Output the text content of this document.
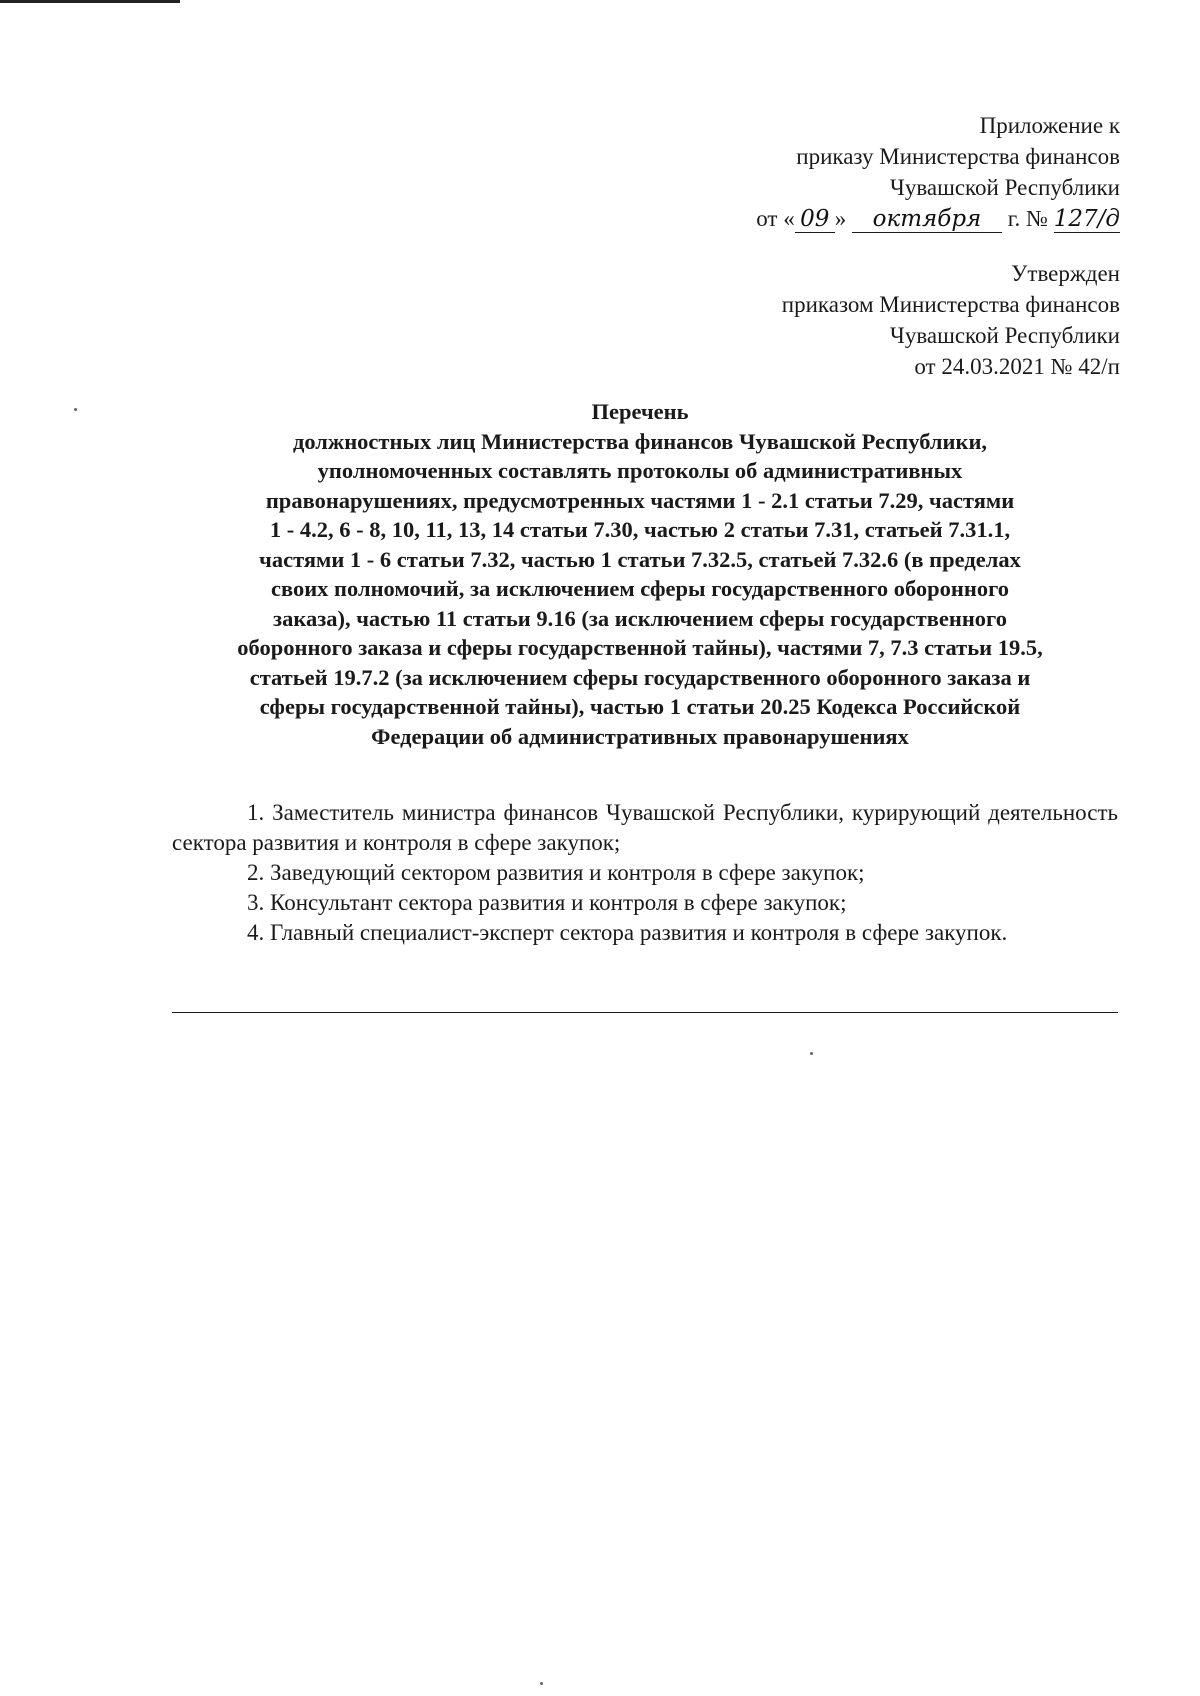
Приложение к
приказу Министерства финансов
Чувашской Республики
от « 09 » октября г. № 127/д
Утвержден
приказом Министерства финансов
Чувашской Республики
от 24.03.2021 № 42/п
Перечень
должностных лиц Министерства финансов Чувашской Республики,
уполномоченных составлять протоколы об административных
правонарушениях, предусмотренных частями 1 - 2.1 статьи 7.29, частями
1 - 4.2, 6 - 8, 10, 11, 13, 14 статьи 7.30, частью 2 статьи 7.31, статьей 7.31.1,
частями 1 - 6 статьи 7.32, частью 1 статьи 7.32.5, статьей 7.32.6 (в пределах
своих полномочий, за исключением сферы государственного оборонного
заказа), частью 11 статьи 9.16 (за исключением сферы государственного
оборонного заказа и сферы государственной тайны), частями 7, 7.3 статьи 19.5,
статьей 19.7.2 (за исключением сферы государственного оборонного заказа и
сферы государственной тайны), частью 1 статьи 20.25 Кодекса Российской
Федерации об административных правонарушениях

1. Заместитель министра финансов Чувашской Республики, курирующий деятельность сектора развития и контроля в сфере закупок;

2. Заведующий сектором развития и контроля в сфере закупок;

3. Консультант сектора развития и контроля в сфере закупок;

4. Главный специалист-эксперт сектора развития и контроля в сфере закупок.
